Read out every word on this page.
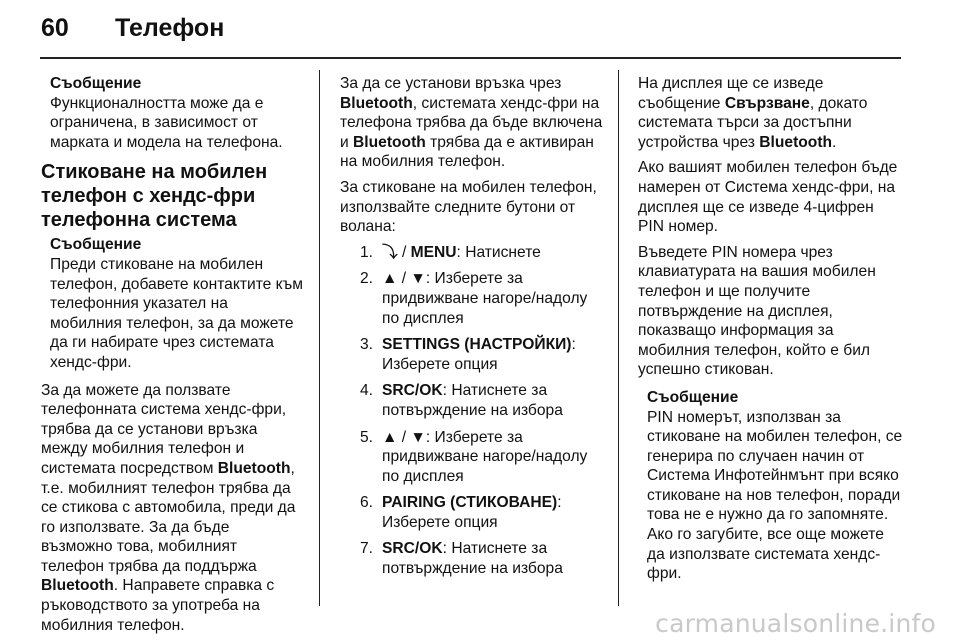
60	Телефон
Съобщение
Функционалността може да е ограничена, в зависимост от марката и модела на телефона.
Стиковане на мобилен телефон с хендс-фри телефонна система
Съобщение
Преди стиковане на мобилен телефон, добавете контактите към телефонния указател на мобилния телефон, за да можете да ги набирате чрез системата хендс-фри.

За да можете да ползвате телефонната система хендс-фри, трябва да се установи връзка между мобилния телефон и системата посредством Bluetooth, т.е. мобилният телефон трябва да се стикова с автомобила, преди да го използвате. За да бъде възможно това, мобилният телефон трябва да поддържа Bluetooth. Направете справка с ръководството за употреба на мобилния телефон.

За да се установи връзка чрез Bluetooth, системата хендс-фри на телефона трябва да бъде включена и Bluetooth трябва да е активиран на мобилния телефон.

За стиковане на мобилен телефон, използвайте следните бутони от волана:

1. ⤵ / MENU: Натиснете
2. ▲ / ▼: Изберете за придвижване нагоре/надолу по дисплея
3. SETTINGS (НАСТРОЙКИ): Изберете опция
4. SRC/OK: Натиснете за потвърждение на избора
5. ▲ / ▼: Изберете за придвижване нагоре/надолу по дисплея
6. PAIRING (СТИКОВАНЕ): Изберете опция
7. SRC/OK: Натиснете за потвърждение на избора

На дисплея ще се изведе съобщение Свързване, докато системата търси за достъпни устройства чрез Bluetooth.

Ако вашият мобилен телефон бъде намерен от Система хендс-фри, на дисплея ще се изведе 4-цифрен PIN номер.

Въведете PIN номера чрез клавиатурата на вашия мобилен телефон и ще получите потвърждение на дисплея, показващо информация за мобилния телефон, който е бил успешно стикован.

Съобщение
PIN номерът, използван за стиковане на мобилен телефон, се генерира по случаен начин от Система Инфотейнмънт при всяко стиковане на нов телефон, поради това не е нужно да го запомняте. Ако го загубите, все още можете да използвате системата хендс-фри.
carmanualsonline.info
